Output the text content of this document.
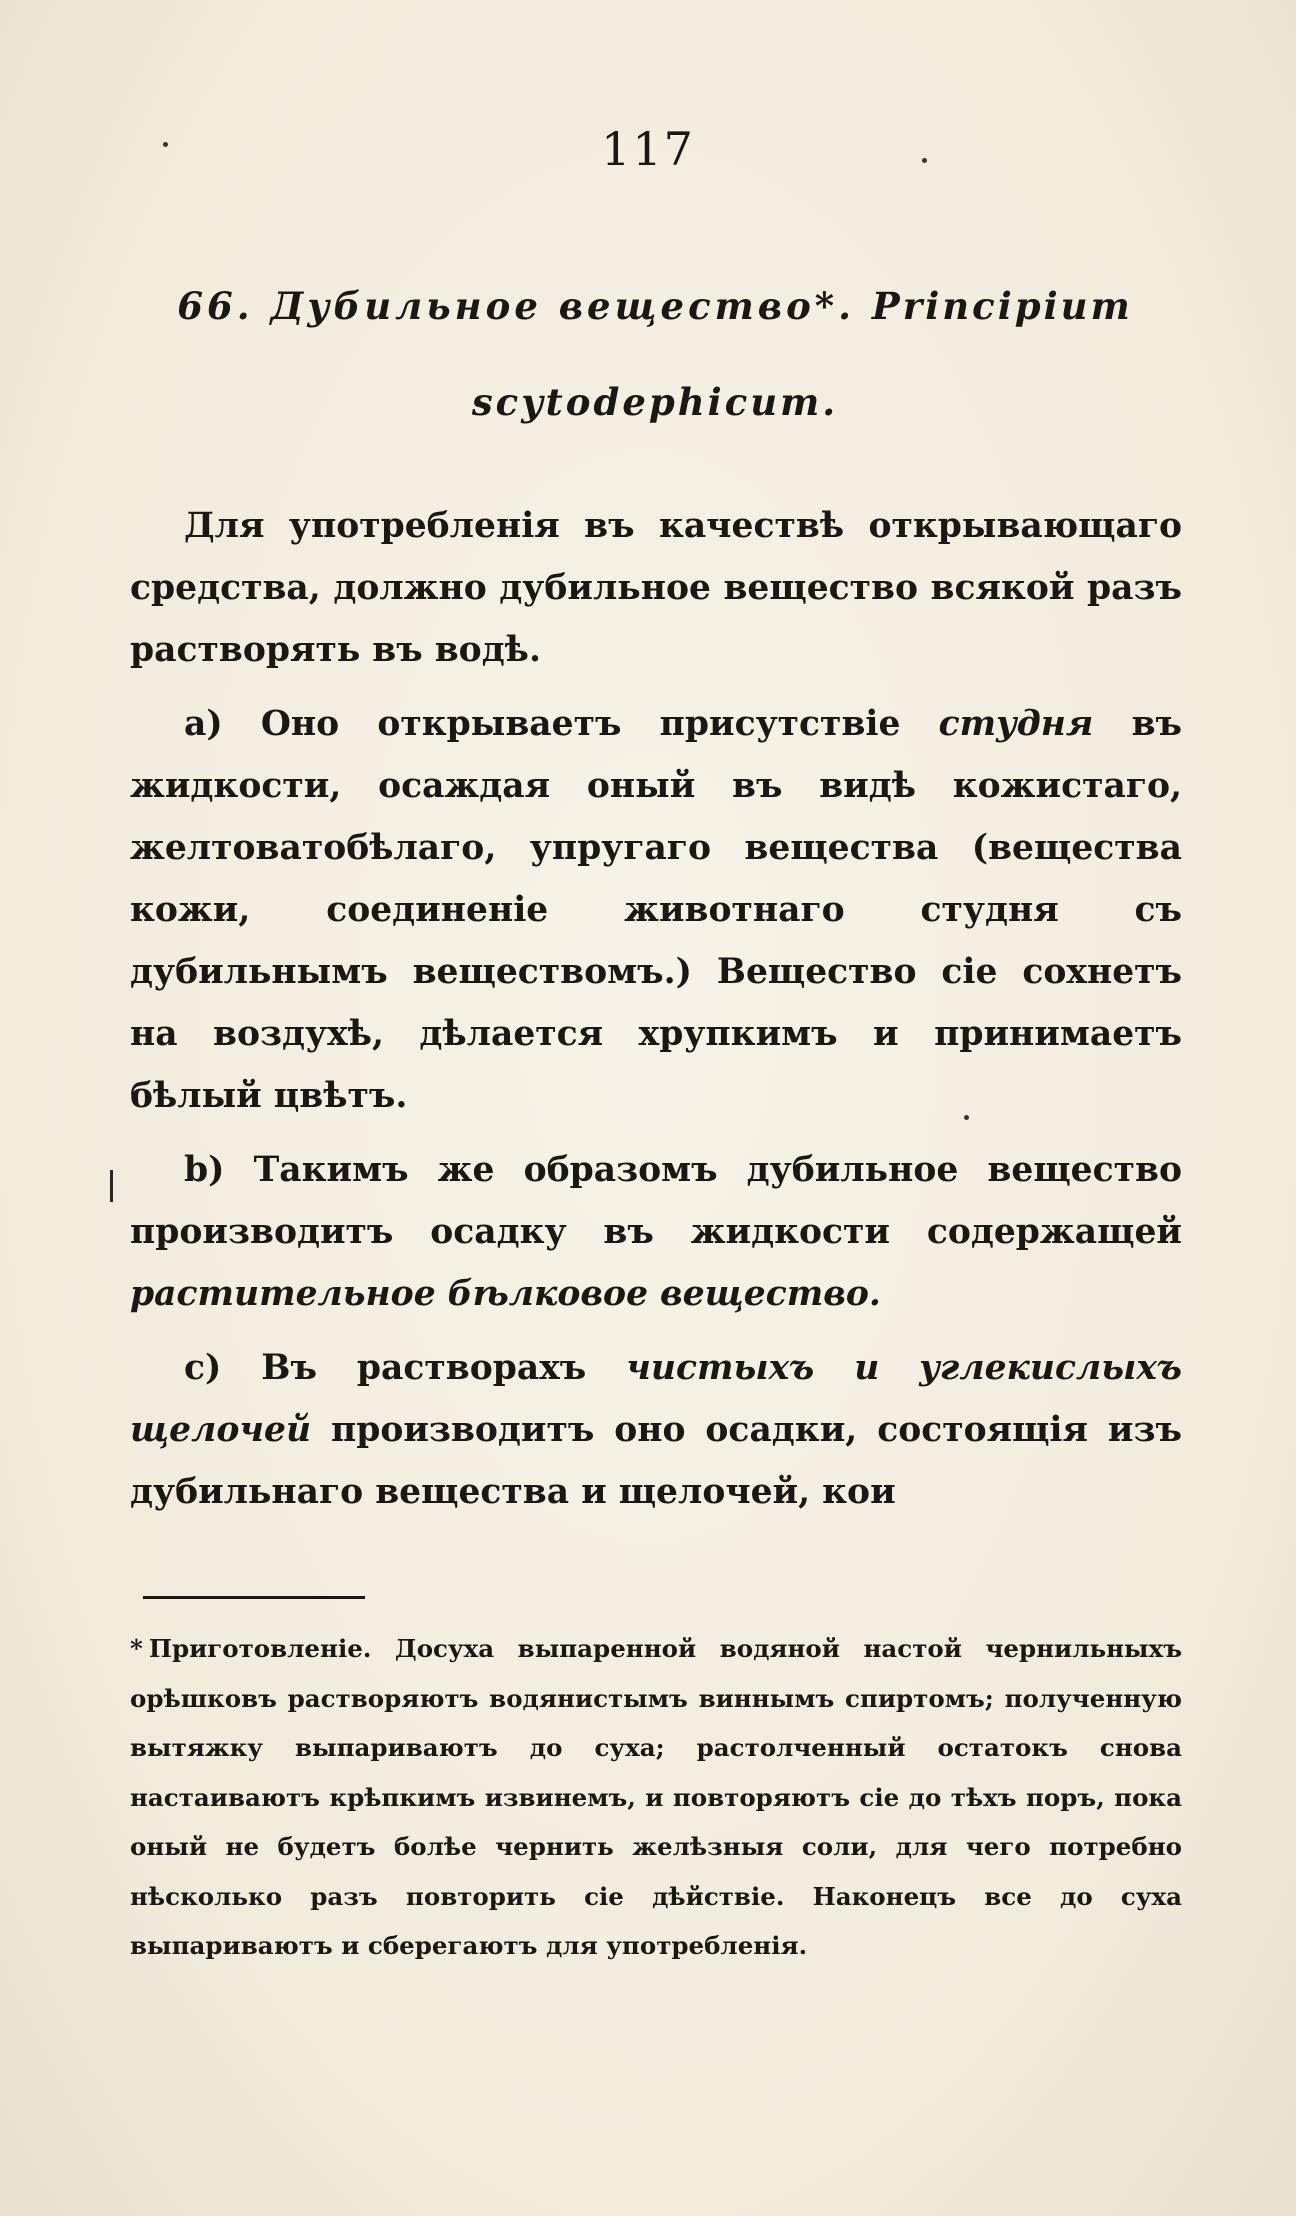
117
66. Дубильное вещество*. Principium
scytodephicum.

Для употребленія въ качествѣ открывающаго средства, должно дубильное вещество всякой разъ растворять въ водѣ.

a) Оно открываетъ присутствіе студня въ жидкости, осаждая оный въ видѣ кожистаго, желтоватобѣлаго, упругаго вещества (вещества кожи, соединеніе животнаго студня съ дубильнымъ веществомъ.) Вещество сіе сохнетъ на воздухѣ, дѣлается хрупкимъ и принимаетъ бѣлый цвѣтъ.

b) Такимъ же образомъ дубильное вещество производитъ осадку въ жидкости содержащей растительное бѣлковое вещество.

c) Въ растворахъ чистыхъ и углекислыхъ щелочей производитъ оно осадки, состоящія изъ дубильнаго вещества и щелочей, кои

* Приготовленіе. Досуха выпаренной водяной настой чернильныхъ орѣшковъ растворяютъ водянистымъ виннымъ спиртомъ; полученную вытяжку выпариваютъ до суха; растолченный остатокъ снова настаиваютъ крѣпкимъ извинемъ, и повторяютъ сіе до тѣхъ поръ, пока оный не будетъ болѣе чернить желѣзныя соли, для чего потребно нѣсколько разъ повторить сіе дѣйствіе. Наконецъ все до суха выпариваютъ и сберегаютъ для употребленія.
